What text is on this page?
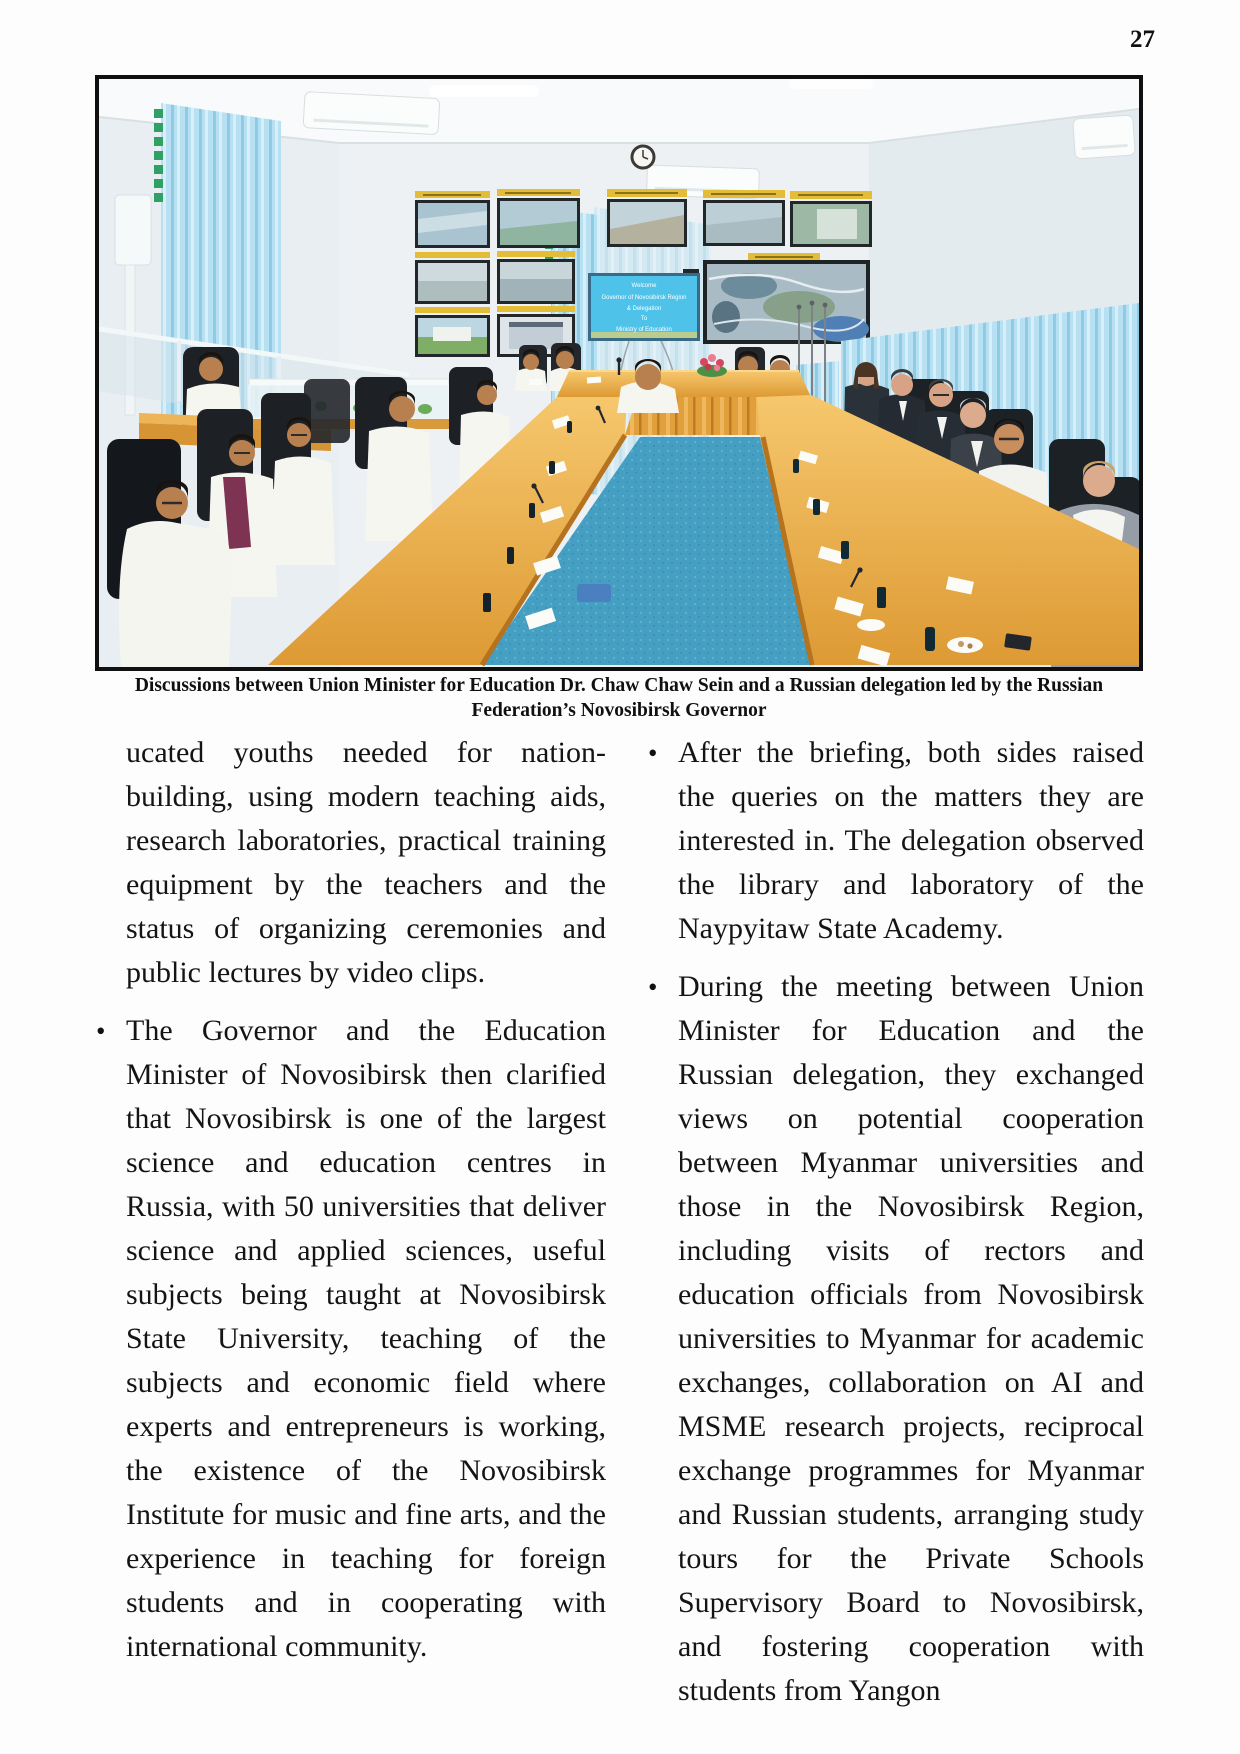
27
Welcome
Governor of Novosibirsk Region
& Delegation
To
Ministry of Education
Discussions between Union Minister for Education Dr. Chaw Chaw Sein and a Russian delegation led by the Russian
Federation’s Novosibirsk Governor
ucated youths needed for nation-building, using modern teaching aids, research laboratories, practical training equipment by the teachers and the status of organizing ceremonies and public lectures by video clips.
• The Governor and the Education Minister of Novosibirsk then clarified that Novosibirsk is one of the largest science and education centres in Russia, with 50 universities that deliver science and applied sciences, useful subjects being taught at Novosibirsk State University, teaching of the subjects and economic field where experts and entrepreneurs is working, the existence of the Novosibirsk Institute for music and fine arts, and the experience in teaching for foreign students and in cooperating with international community.
• After the briefing, both sides raised the queries on the matters they are interested in. The delegation observed the library and laboratory of the Naypyitaw State Academy.
• During the meeting between Union Minister for Education and the Russian delegation, they exchanged views on potential cooperation between Myanmar universities and those in the Novosibirsk Region, including visits of rectors and education officials from Novosibirsk universities to Myanmar for academic exchanges, collaboration on AI and MSME research projects, reciprocal exchange programmes for Myanmar and Russian students, arranging study tours for the Private Schools Supervisory Board to Novosibirsk, and fostering cooperation with students from Yangon
